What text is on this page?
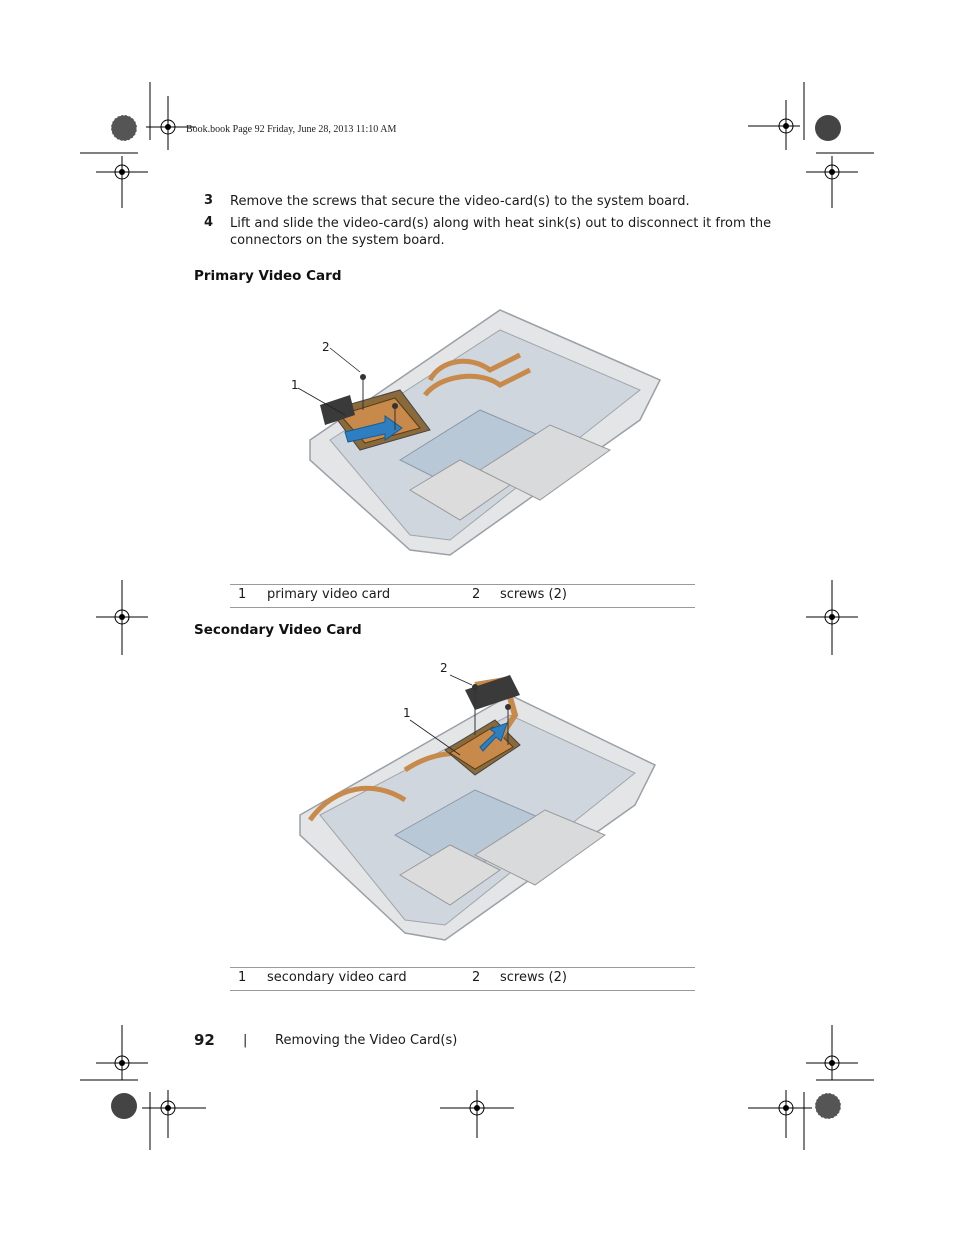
Book.book Page 92 Friday, June 28, 2013 11:10 AM
3 Remove the screws that secure the video-card(s) to the system board.
4 Lift and slide the video-card(s) along with heat sink(s) out to disconnect it from the
connectors on the system board.
Primary Video Card
2
1
1 primary video card	2 screws (2)
Secondary Video Card
2
1
1 secondary video card	2 screws (2)
92 | Removing the Video Card(s)
